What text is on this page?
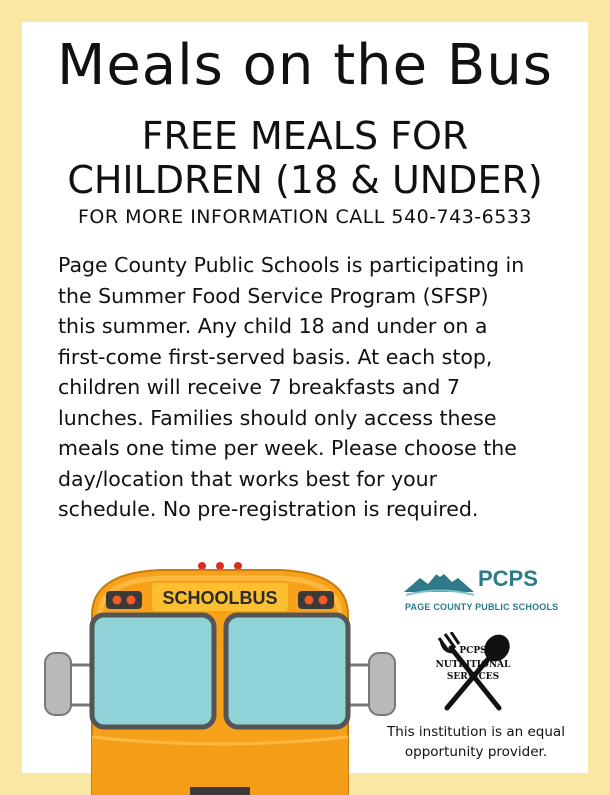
Meals on the Bus
FREE MEALS FOR
CHILDREN (18 & UNDER)
FOR MORE INFORMATION CALL 540-743-6533
Page County Public Schools is participating in
the Summer Food Service Program (SFSP)
this summer. Any child 18 and under on a
first-come first-served basis. At each stop,
children will receive 7 breakfasts and 7
lunches. Families should only access these
meals one time per week. Please choose the
day/location that works best for your
schedule. No pre-registration is required.
SCHOOLBUS
PCPS
PAGE COUNTY PUBLIC SCHOOLS
PCPS
NUTRITIONAL
SERVICES
This institution is an equal
opportunity provider.
